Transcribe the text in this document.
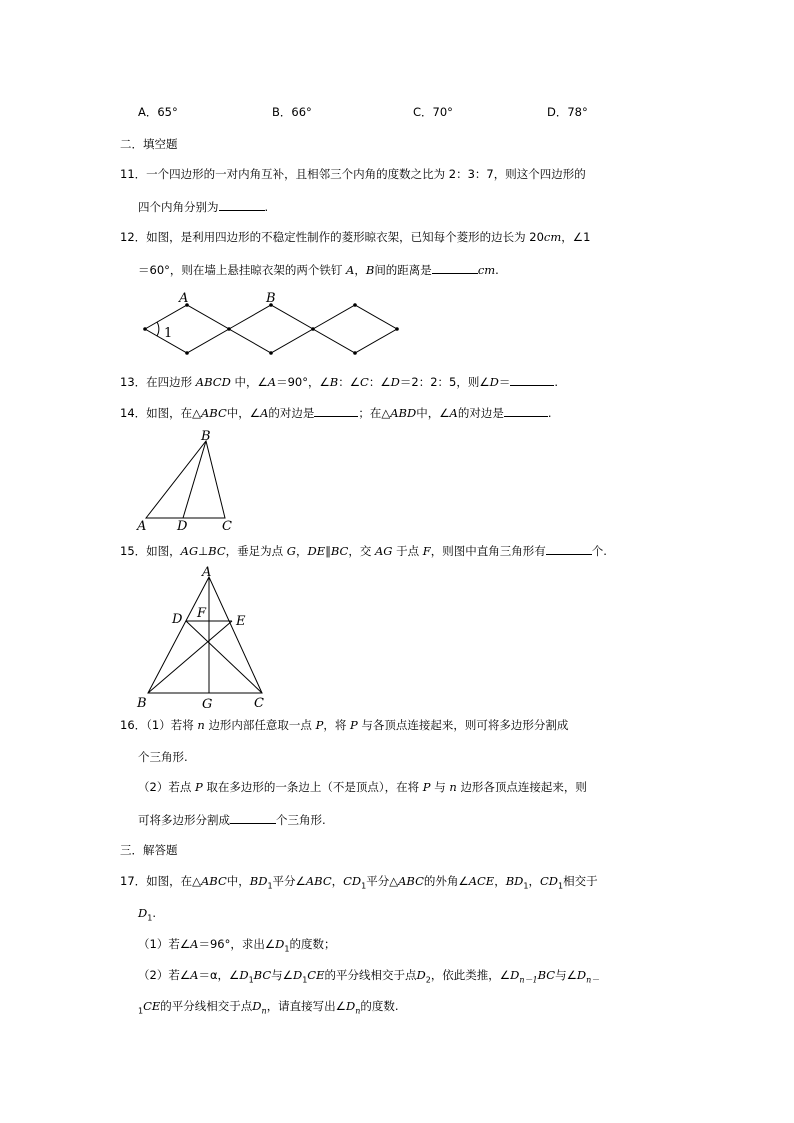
A．65°	B．66°	C．70°	D．78°
二．填空题
11．一个四边形的一对内角互补，且相邻三个内角的度数之比为 2：3：7，则这个四边形的
四个内角分别为	.
12．如图，是利用四边形的不稳定性制作的菱形晾衣架，已知每个菱形的边长为 20cm，∠1
＝60°，则在墙上悬挂晾衣架的两个铁钉 A，B间的距离是	cm.
A	B
1
13．在四边形 ABCD 中，∠A＝90°，∠B：∠C：∠D＝2：2：5，则∠D＝	.
14．如图，在△ABC中，∠A的对边是	；在△ABD中，∠A的对边是	.
B
A D	C
15．如图，AG⊥BC，垂足为点 G，DE∥BC，交 AG 于点 F，则图中直角三角形有	个.
A
D F
E
B	G	C
16．（1）若将 n 边形内部任意取一点 P，将 P 与各顶点连接起来，则可将多边形分割成
个三角形.
（2）若点 P 取在多边形的一条边上（不是顶点），在将 P 与 n 边形各顶点连接起来，则
可将多边形分割成	个三角形.
三．解答题
17．如图，在△ABC中，$BD_1$平分∠ABC，$CD_1$平分△ABC的外角∠ACE，$BD_1$，$CD_1$相交于
$D_1$.
（1）若∠A＝96°，求出$\angle D_1$的度数；
（2）若∠A＝α，$\angle D_1BC$与$\angle D_1CE$的平分线相交于点$D_2$，依此类推，$\angle D_{n-1}BC$与$\angle D_{n-}$
$_1$CE的平分线相交于点$D_n$，请直接写出$\angle D_n$的度数.
